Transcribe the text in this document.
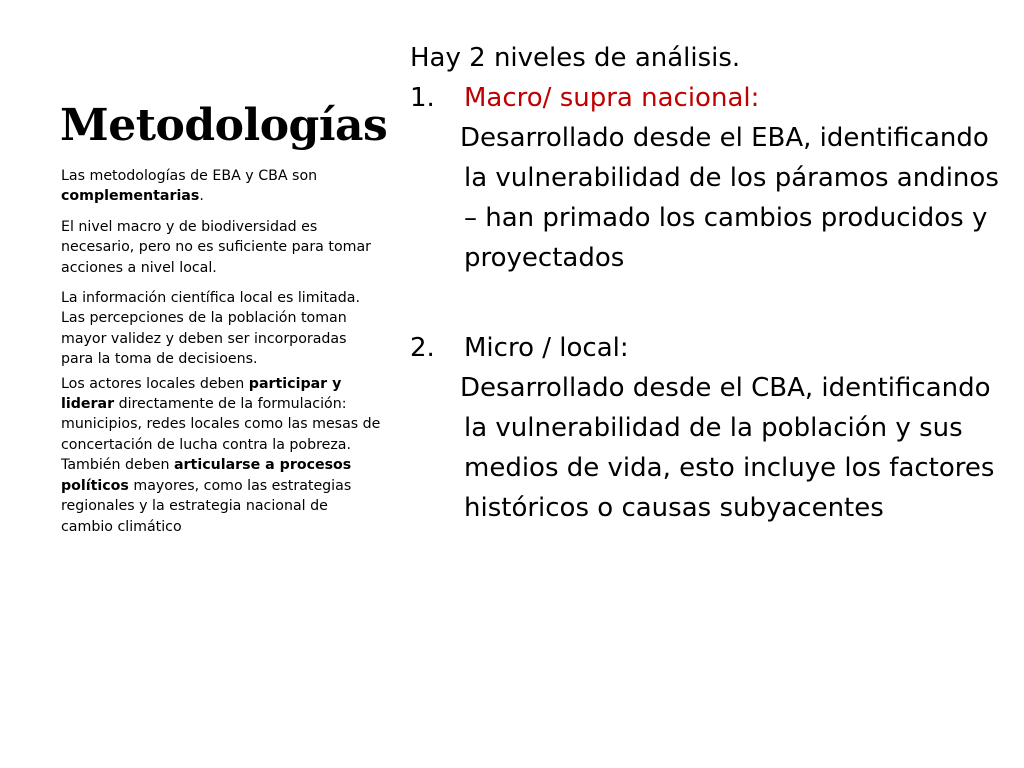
Metodologías

Las metodologías de EBA y CBA son complementarias.

El nivel macro y de biodiversidad es necesario, pero no es suficiente para tomar acciones a nivel local.

La información científica local es limitada. Las percepciones de la población toman mayor validez y deben ser incorporadas para la toma de decisioens.

Los actores locales deben participar y liderar directamente de la formulación: municipios, redes locales como las mesas de concertación de lucha contra la pobreza. También deben articularse a procesos políticos mayores, como las estrategias regionales y la estrategia nacional de cambio climático

Hay 2 niveles de análisis.

1.	Macro/ supra nacional:

Desarrollado desde el EBA, identificando la vulnerabilidad de los páramos andinos – han primado los cambios producidos y proyectados

2.	Micro / local:

Desarrollado desde el CBA, identificando la vulnerabilidad de la población y sus medios de vida, esto incluye los factores históricos o causas subyacentes
